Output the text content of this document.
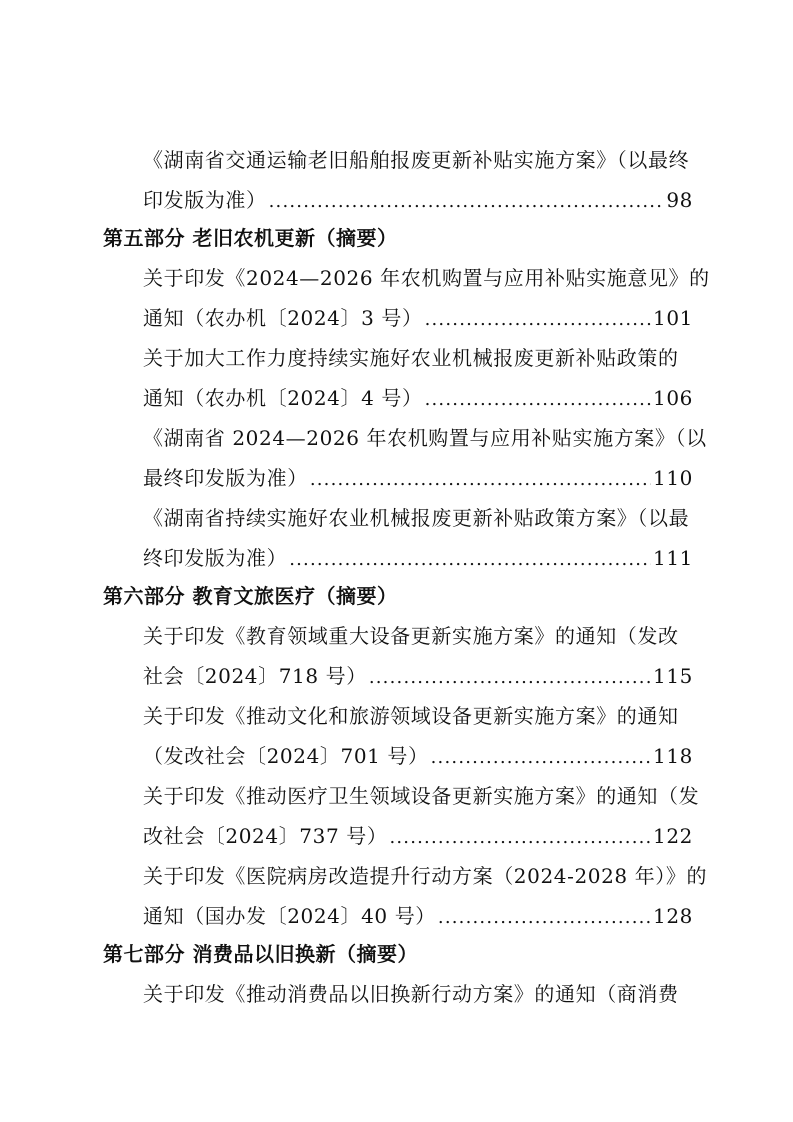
《湖南省交通运输老旧船舶报废更新补贴实施方案》（以最终
印发版为准） .....	98
第五部分 老旧农机更新（摘要）
关于印发《2024—2026 年农机购置与应用补贴实施意见》的
通知（农办机〔2024〕3 号） .....	101
关于加大工作力度持续实施好农业机械报废更新补贴政策的
通知（农办机〔2024〕4 号） .....	106
《湖南省 2024—2026 年农机购置与应用补贴实施方案》（以
最终印发版为准） .....	110
《湖南省持续实施好农业机械报废更新补贴政策方案》（以最
终印发版为准） .....	111
第六部分 教育文旅医疗（摘要）
关于印发《教育领域重大设备更新实施方案》的通知（发改
社会〔2024〕718 号） .....	115
关于印发《推动文化和旅游领域设备更新实施方案》的通知
（发改社会〔2024〕701 号） .....	118
关于印发《推动医疗卫生领域设备更新实施方案》的通知（发
改社会〔2024〕737 号） .....	122
关于印发《医院病房改造提升行动方案（2024-2028 年）》的
通知（国办发〔2024〕40 号） .....	128
第七部分 消费品以旧换新（摘要）
关于印发《推动消费品以旧换新行动方案》的通知（商消费
